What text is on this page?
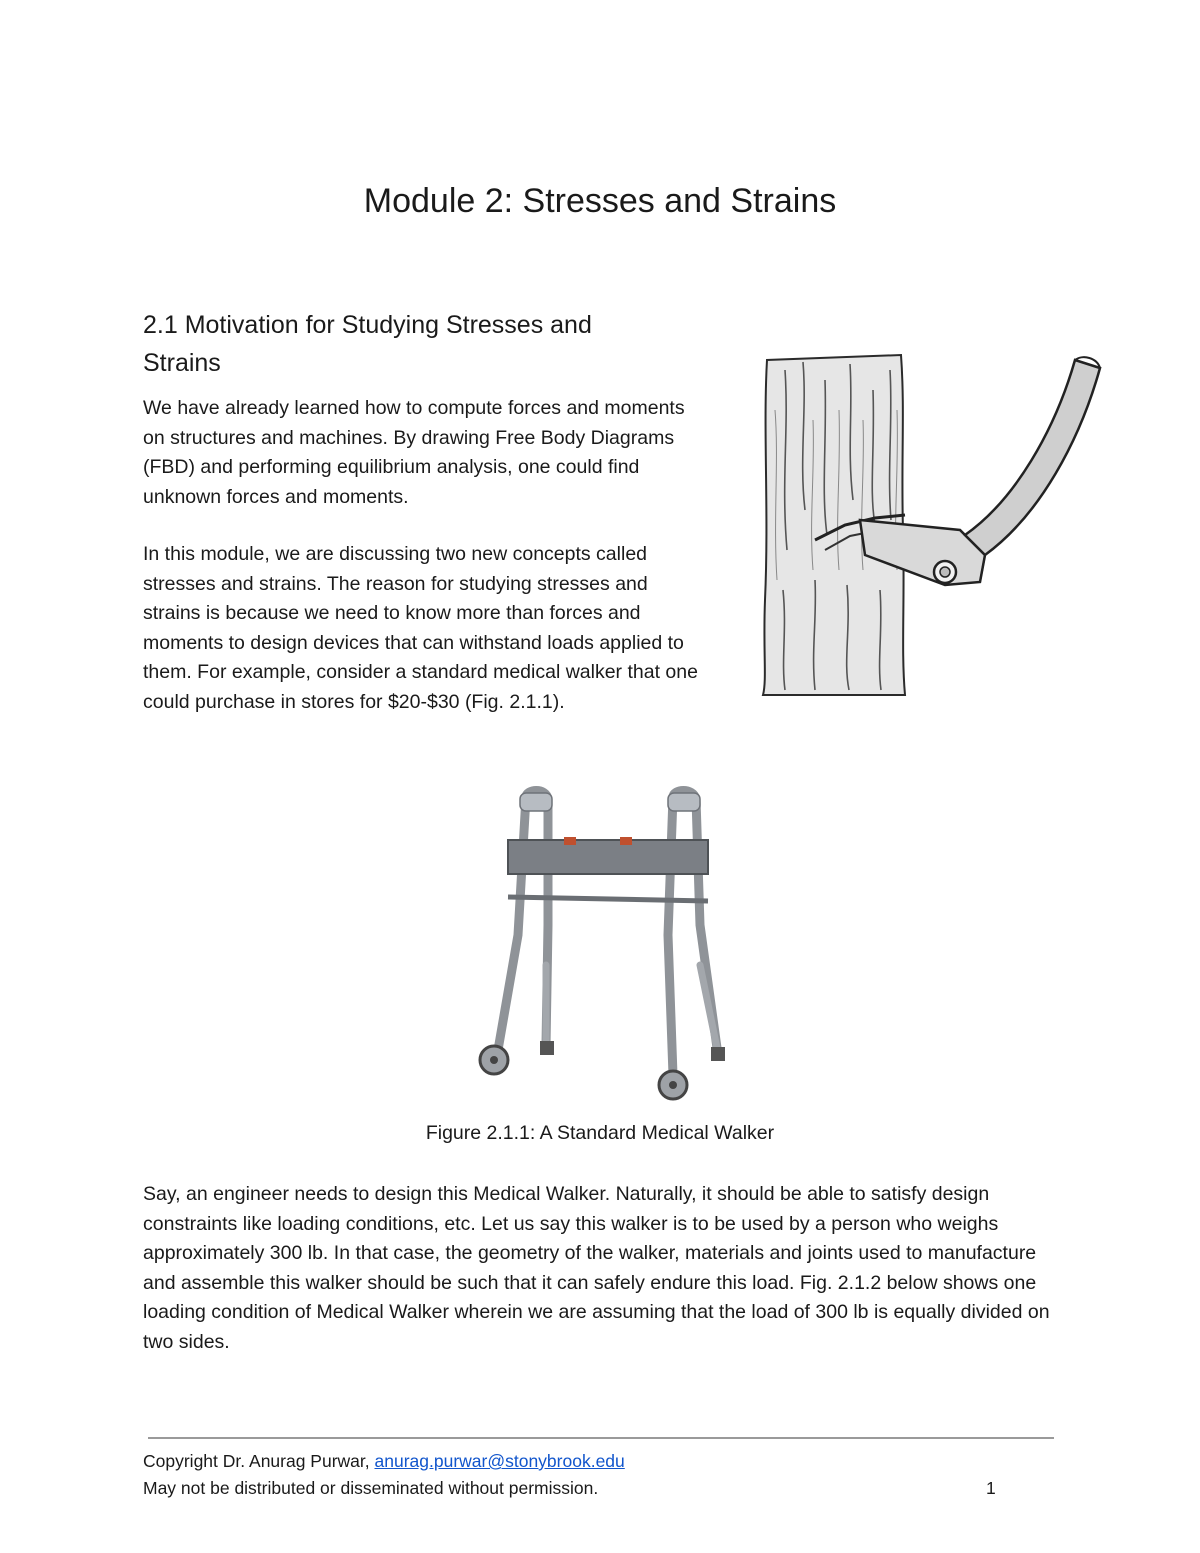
Module 2: Stresses and Strains
2.1 Motivation for Studying Stresses and Strains

We have already learned how to compute forces and moments on structures and machines. By drawing Free Body Diagrams (FBD) and performing equilibrium analysis, one could find unknown forces and moments.

In this module, we are discussing two new concepts called stresses and strains. The reason for studying stresses and strains is because we need to know more than forces and moments to design devices that can withstand loads applied to them. For example, consider a standard medical walker that one could purchase in stores for $20-$30 (Fig. 2.1.1).

Figure 2.1.1: A Standard Medical Walker

Say, an engineer needs to design this Medical Walker. Naturally, it should be able to satisfy design constraints like loading conditions, etc. Let us say this walker is to be used by a person who weighs approximately 300 lb. In that case, the geometry of the walker, materials and joints used to manufacture and assemble this walker should be such that it can safely endure this load. Fig. 2.1.2 below shows one loading condition of Medical Walker wherein we are assuming that the load of 300 lb is equally divided on two sides.

Copyright Dr. Anurag Purwar, anurag.purwar@stonybrook.edu

May not be distributed or disseminated without permission.	1
